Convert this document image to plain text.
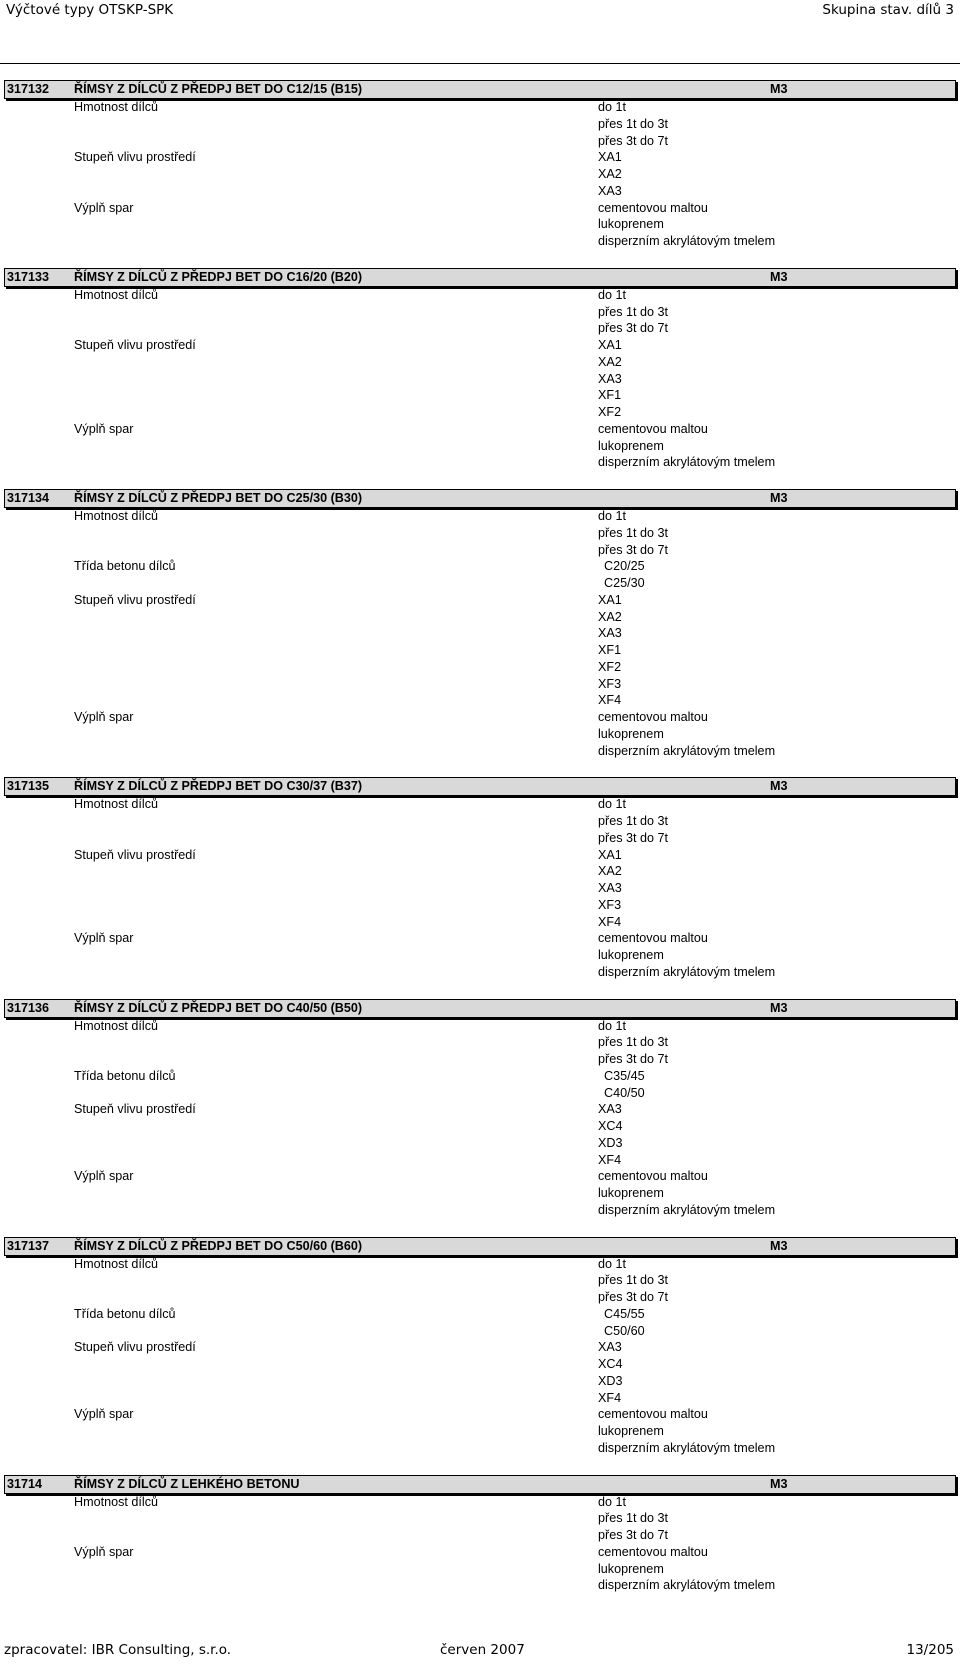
Výčtové typy OTSKP-SPK	Skupina stav. dílů 3
317132 ŘÍMSY Z DÍLCŮ Z PŘEDPJ BET DO C12/15 (B15)	M3
Hmotnost dílců	do 1t
přes 1t do 3t
přes 3t do 7t
Stupeň vlivu prostředí	XA1
XA2
XA3
Výplň spar	cementovou maltou
lukoprenem
disperzním akrylátovým tmelem
317133 ŘÍMSY Z DÍLCŮ Z PŘEDPJ BET DO C16/20 (B20)	M3
Hmotnost dílců	do 1t
přes 1t do 3t
přes 3t do 7t
Stupeň vlivu prostředí	XA1
XA2
XA3
XF1
XF2
Výplň spar	cementovou maltou
lukoprenem
disperzním akrylátovým tmelem
317134 ŘÍMSY Z DÍLCŮ Z PŘEDPJ BET DO C25/30 (B30)	M3
Hmotnost dílců	do 1t
přes 1t do 3t
přes 3t do 7t
Třída betonu dílců	C20/25
C25/30
Stupeň vlivu prostředí	XA1
XA2
XA3
XF1
XF2
XF3
XF4
Výplň spar	cementovou maltou
lukoprenem
disperzním akrylátovým tmelem
317135 ŘÍMSY Z DÍLCŮ Z PŘEDPJ BET DO C30/37 (B37)	M3
Hmotnost dílců	do 1t
přes 1t do 3t
přes 3t do 7t
Stupeň vlivu prostředí	XA1
XA2
XA3
XF3
XF4
Výplň spar	cementovou maltou
lukoprenem
disperzním akrylátovým tmelem
317136 ŘÍMSY Z DÍLCŮ Z PŘEDPJ BET DO C40/50 (B50)	M3
Hmotnost dílců	do 1t
přes 1t do 3t
přes 3t do 7t
Třída betonu dílců	C35/45
C40/50
Stupeň vlivu prostředí	XA3
XC4
XD3
XF4
Výplň spar	cementovou maltou
lukoprenem
disperzním akrylátovým tmelem
317137 ŘÍMSY Z DÍLCŮ Z PŘEDPJ BET DO C50/60 (B60)	M3
Hmotnost dílců	do 1t
přes 1t do 3t
přes 3t do 7t
Třída betonu dílců	C45/55
C50/60
Stupeň vlivu prostředí	XA3
XC4
XD3
XF4
Výplň spar	cementovou maltou
lukoprenem
disperzním akrylátovým tmelem
31714	ŘÍMSY Z DÍLCŮ Z LEHKÉHO BETONU	M3
Hmotnost dílců	do 1t
přes 1t do 3t
přes 3t do 7t
Výplň spar	cementovou maltou
lukoprenem
disperzním akrylátovým tmelem
zpracovatel: IBR Consulting, s.r.o.	červen 2007	13/205
